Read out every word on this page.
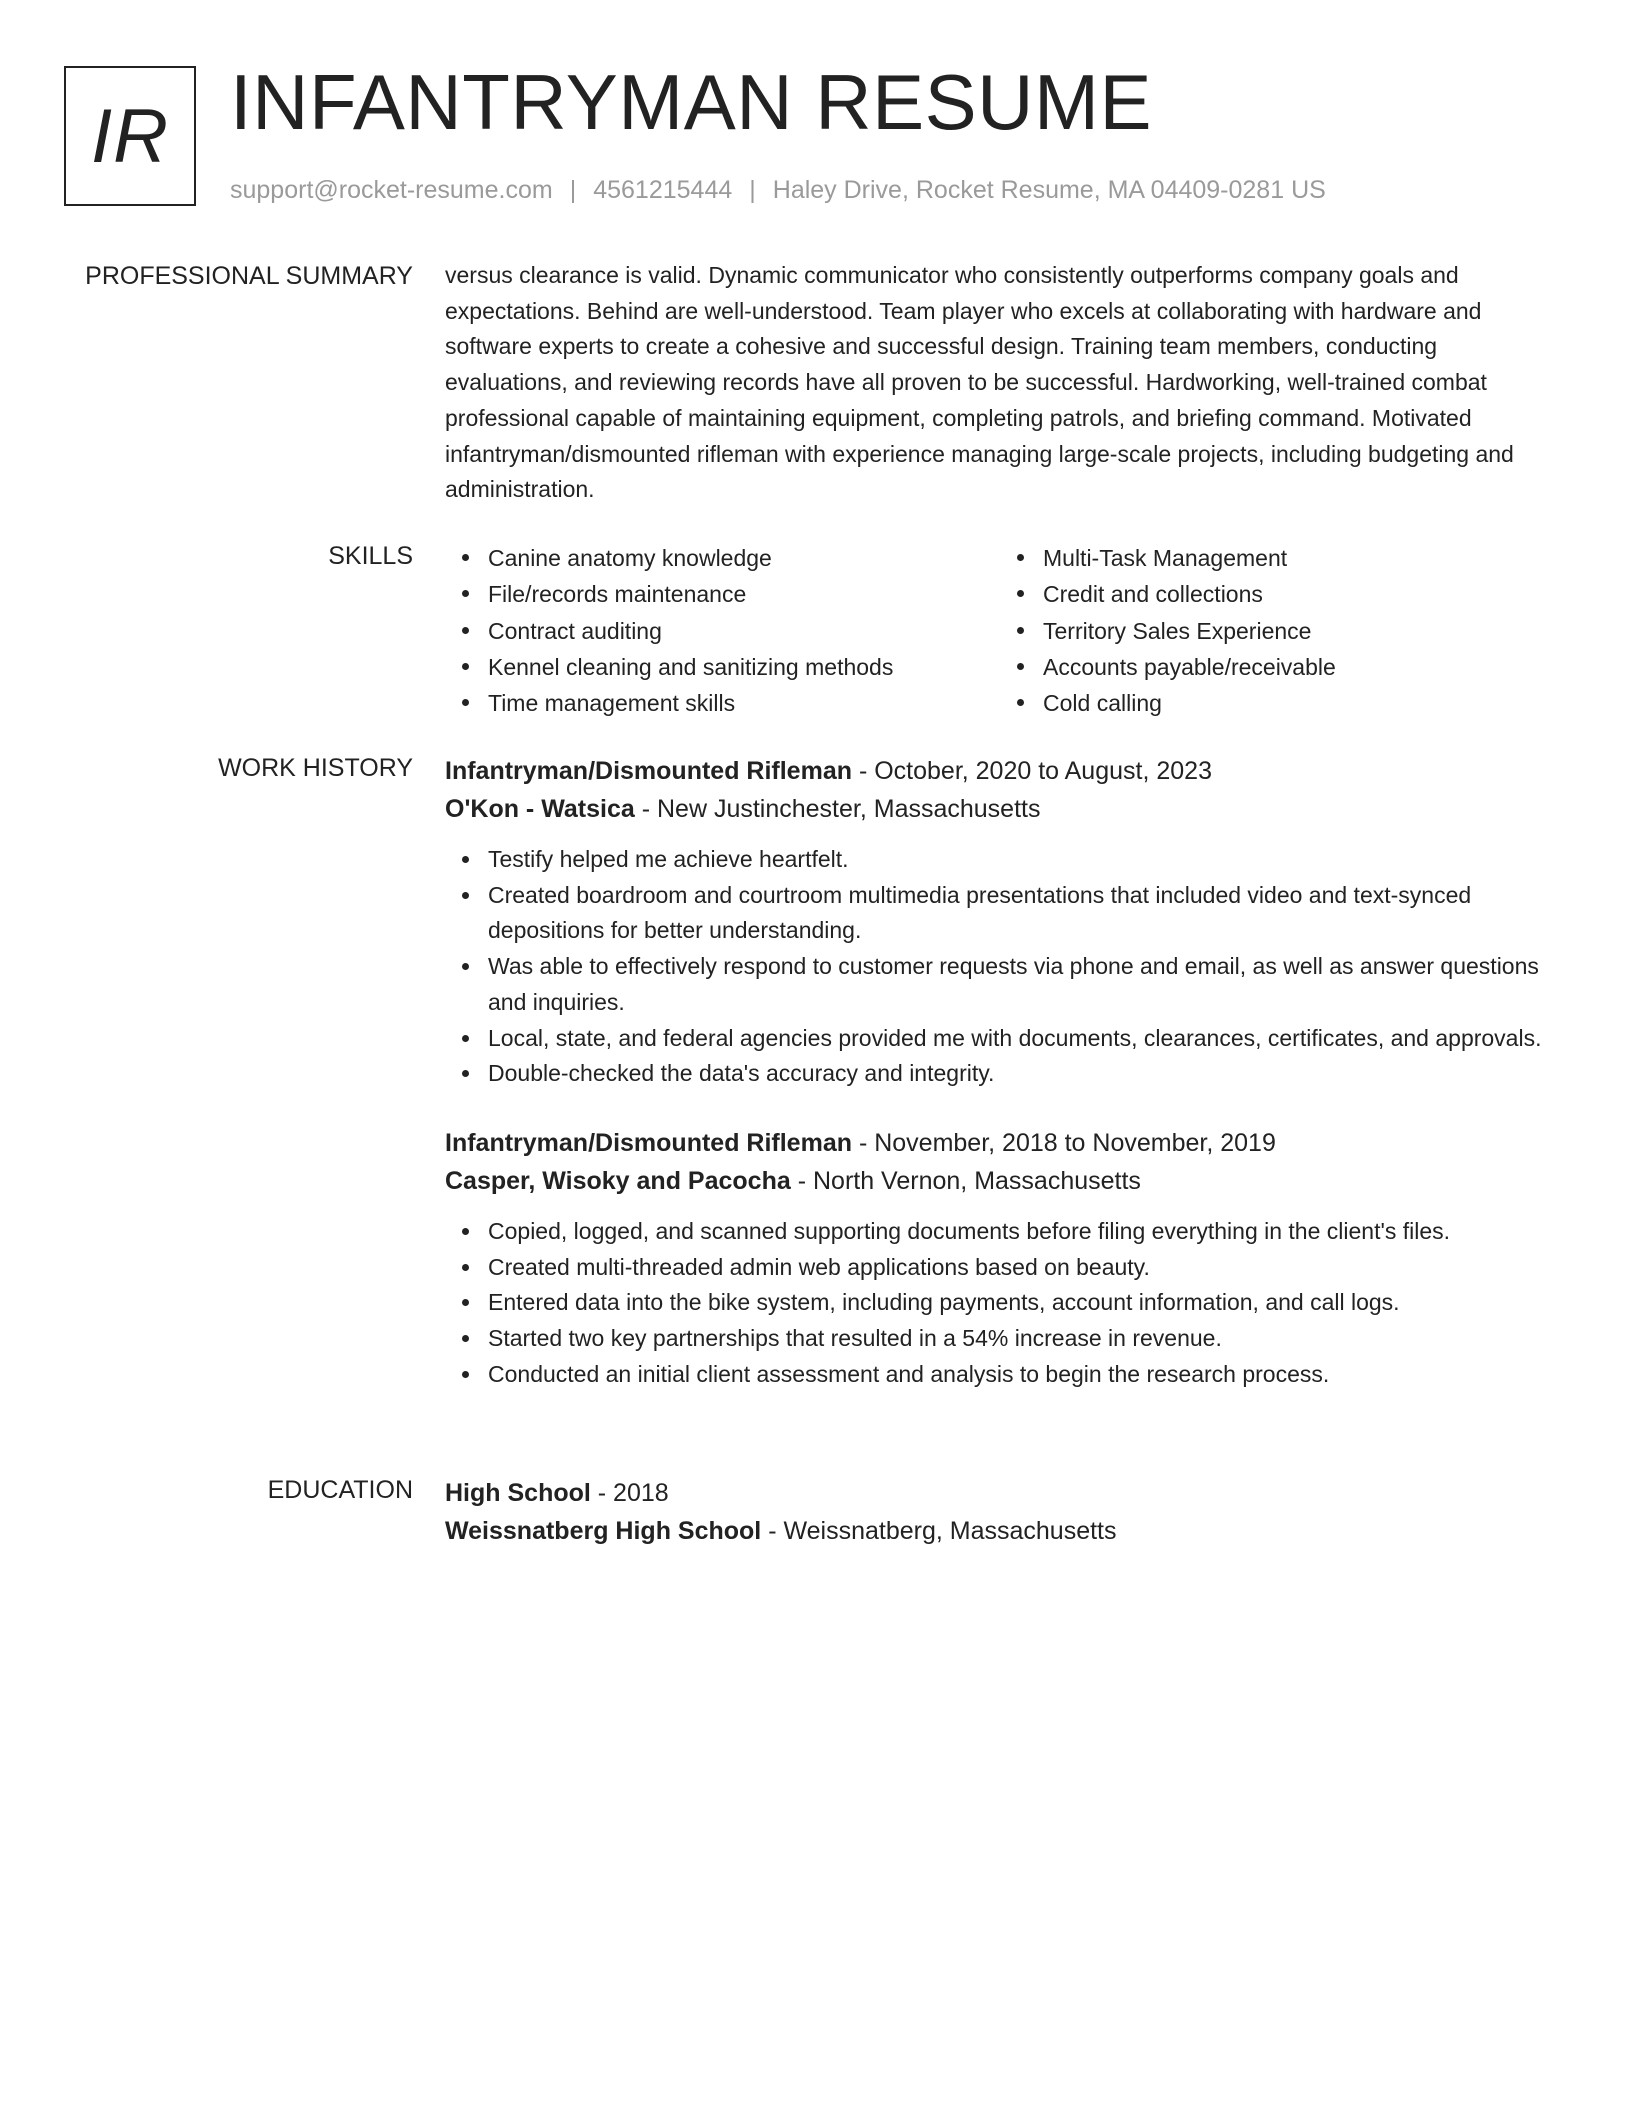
IR INFANTRYMAN RESUME
support@rocket-resume.com | 4561215444 | Haley Drive, Rocket Resume, MA 04409-0281 US
PROFESSIONAL SUMMARY versus clearance is valid. Dynamic communicator who consistently outperforms company goals and expectations. Behind are well-understood. Team player who excels at collaborating with hardware and software experts to create a cohesive and successful design. Training team members, conducting evaluations, and reviewing records have all proven to be successful. Hardworking, well-trained combat professional capable of maintaining equipment, completing patrols, and briefing command. Motivated infantryman/dismounted rifleman with experience managing large-scale projects, including budgeting and administration.

SKILLS	Canine anatomy knowledge
File/records maintenance
Contract auditing
Kennel cleaning and sanitizing methods
Time management skills
Multi-Task Management
Credit and collections
Territory Sales Experience
Accounts payable/receivable
Cold calling
WORK HISTORY Infantryman/Dismounted Rifleman - October, 2020 to August, 2023
O'Kon - Watsica - New Justinchester, Massachusetts
Testify helped me achieve heartfelt.
Created boardroom and courtroom multimedia presentations that included video and text-synced depositions for better understanding.
Was able to effectively respond to customer requests via phone and email, as well as answer questions and inquiries.
Local, state, and federal agencies provided me with documents, clearances, certificates, and approvals.
Double-checked the data's accuracy and integrity.
Infantryman/Dismounted Rifleman - November, 2018 to November, 2019
Casper, Wisoky and Pacocha - North Vernon, Massachusetts
Copied, logged, and scanned supporting documents before filing everything in the client's files.
Created multi-threaded admin web applications based on beauty.
Entered data into the bike system, including payments, account information, and call logs.
Started two key partnerships that resulted in a 54% increase in revenue.
Conducted an initial client assessment and analysis to begin the research process.
EDUCATION High School - 2018
Weissnatberg High School - Weissnatberg, Massachusetts
